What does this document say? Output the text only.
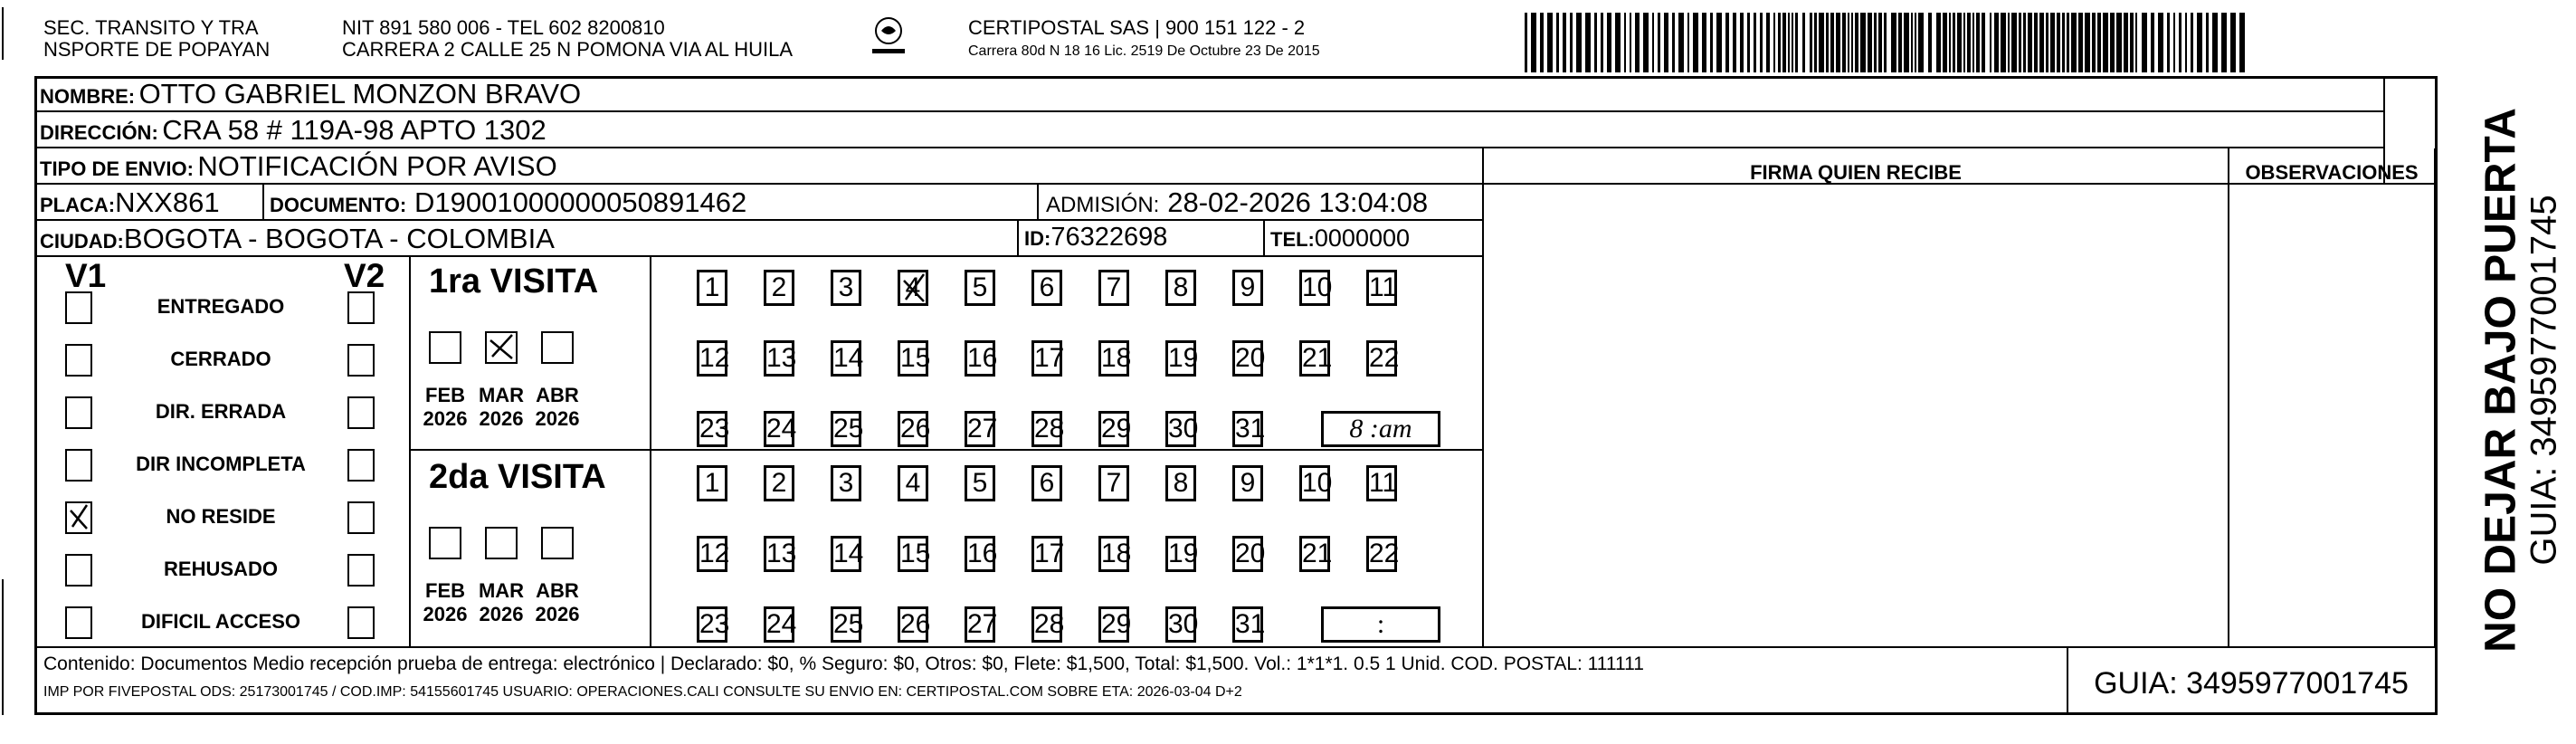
SEC. TRANSITO Y TRA
NSPORTE DE POPAYAN
NIT 891 580 006 - TEL 602 8200810
CARRERA 2 CALLE 25 N POMONA VIA AL HUILA
CERTIPOSTAL SAS | 900 151 122 - 2
Carrera 80d N 18 16 Lic. 2519 De Octubre 23 De 2015
NOMBRE:
OTTO GABRIEL MONZON BRAVO
DIRECCIÓN:
CRA 58 # 119A-98 APTO 1302
TIPO DE ENVIO:
NOTIFICACIÓN POR AVISO
PLACA: NXX861	DOCUMENTO:
D19001000000050891462	ADMISIÓN:
28-02-2026 13:04:08
CIUDAD: BOGOTA - BOGOTA - COLOMBIA	ID: 76322698	TEL: 0000000
FIRMA QUIEN RECIBE	OBSERVACIONES
V1	V2
ENTREGADO
CERRADO
DIR. ERRADA
DIR INCOMPLETA
NO RESIDE
REHUSADO
DIFICIL ACCESO
1ra VISITA
FEB
2026
MAR
2026
ABR
2026
1 2 3 4 5 6 7 8 9 10 11
12 13 14 15 16 17 18 19 20 21 22
23 24 25 26 27 28 29 30 31	8 :am
2da VISITA
FEB
2026
MAR
2026
ABR
2026
1 2 3 4 5 6 7 8 9 10 11
12 13 14 15 16 17 18 19 20 21 22
23 24 25 26 27 28 29 30 31	:
Contenido: Documentos Medio recepción prueba de entrega: electrónico | Declarado: $0, % Seguro: $0, Otros: $0, Flete: $1,500, Total: $1,500. Vol.: 1*1*1. 0.5 1 Unid. COD. POSTAL: 111111
IMP POR FIVEPOSTAL ODS: 25173001745 / COD.IMP: 54155601745 USUARIO: OPERACIONES.CALI CONSULTE SU ENVIO EN: CERTIPOSTAL.COM SOBRE ETA: 2026-03-04 D+2	GUIA: 3495977001745
NO DEJAR BAJO PUERTA GUIA: 3495977001745
